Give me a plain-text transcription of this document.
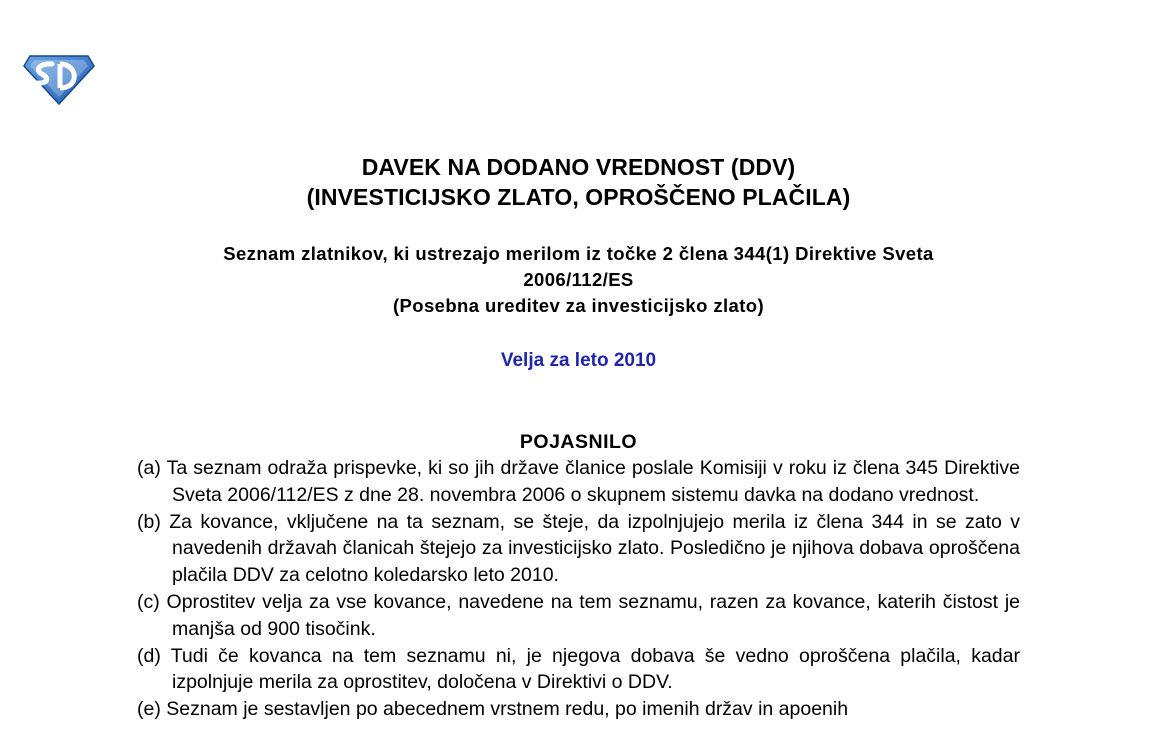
DAVEK NA DODANO VREDNOST (DDV)
(INVESTICIJSKO ZLATO, OPROŠČENO PLAČILA)
Seznam zlatnikov, ki ustrezajo merilom iz točke 2 člena 344(1) Direktive Sveta
2006/112/ES
(Posebna ureditev za investicijsko zlato)
Velja za leto 2010
POJASNILO
(a) Ta seznam odraža prispevke, ki so jih države članice poslale Komisiji v roku iz člena 345 Direktive Sveta 2006/112/ES z dne 28. novembra 2006 o skupnem sistemu davka na dodano vrednost.
(b) Za kovance, vključene na ta seznam, se šteje, da izpolnjujejo merila iz člena 344 in se zato v navedenih državah članicah štejejo za investicijsko zlato. Posledično je njihova dobava oproščena plačila DDV za celotno koledarsko leto 2010.
(c) Oprostitev velja za vse kovance, navedene na tem seznamu, razen za kovance, katerih čistost je manjša od 900 tisočink.
(d) Tudi če kovanca na tem seznamu ni, je njegova dobava še vedno oproščena plačila, kadar izpolnjuje merila za oprostitev, določena v Direktivi o DDV.
(e) Seznam je sestavljen po abecednem vrstnem redu, po imenih držav in apoenih
